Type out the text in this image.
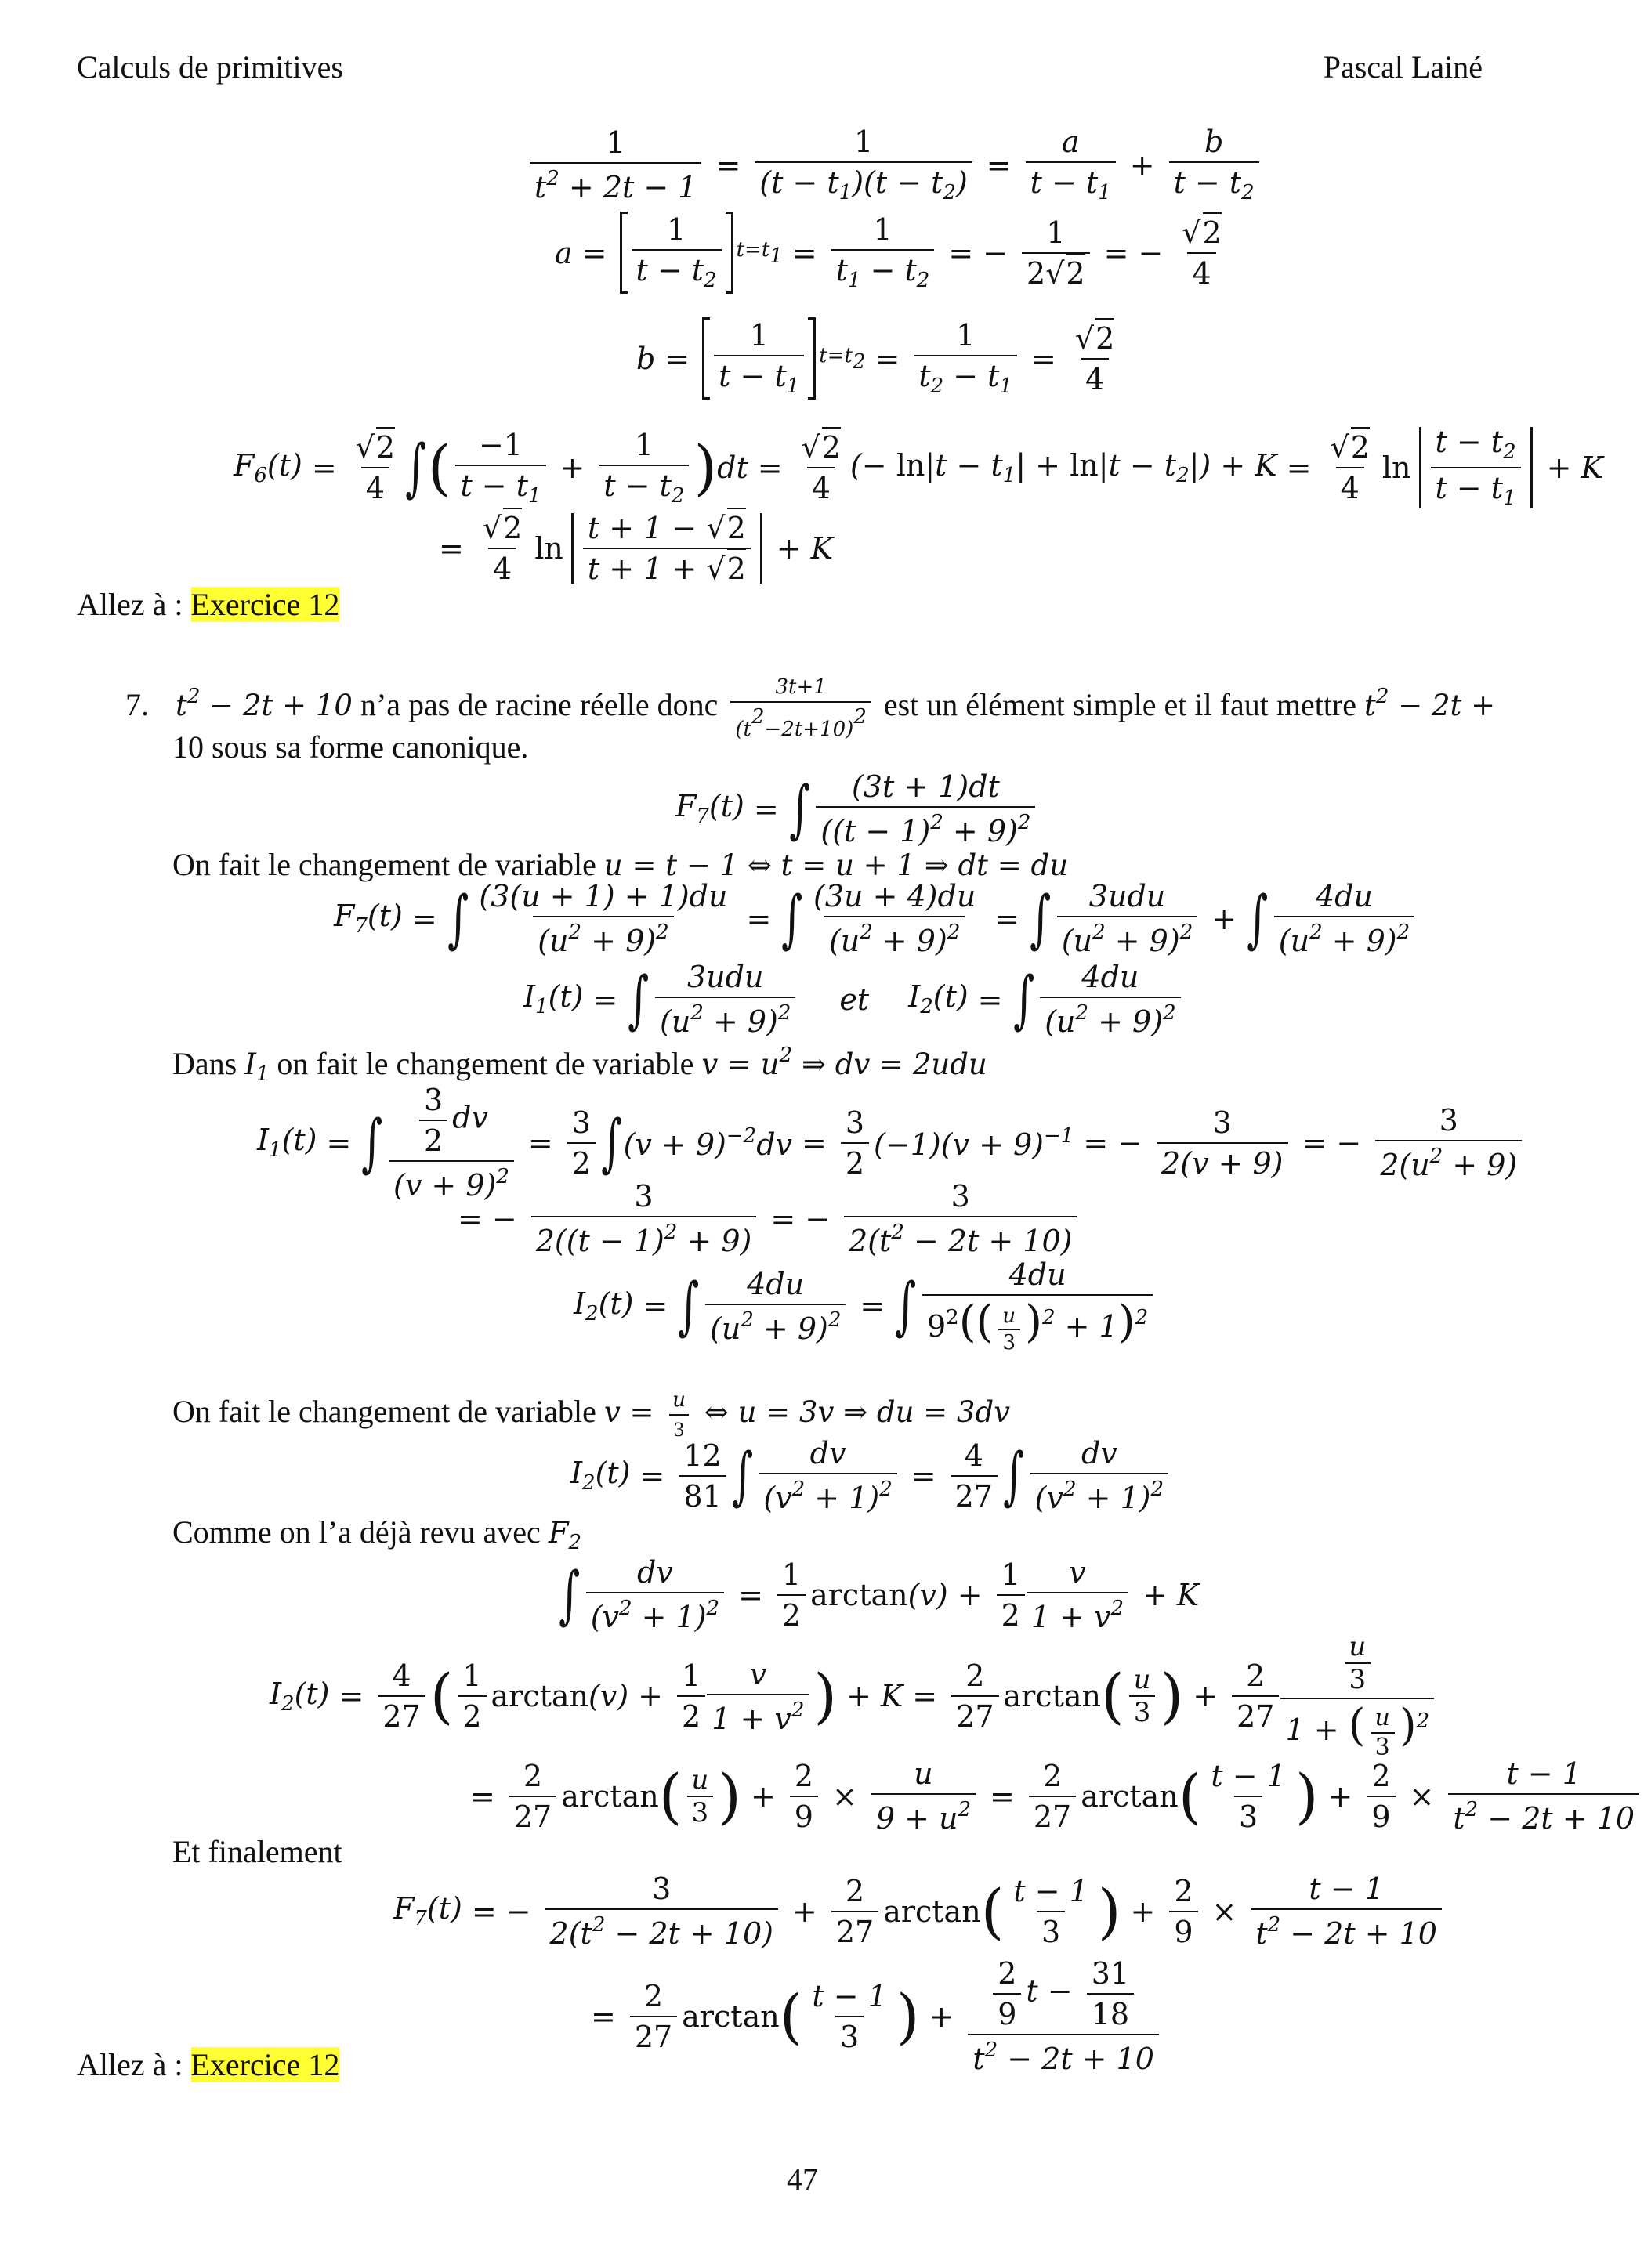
Calculs de primitives	Pascal Lainé
$\frac{1}{t^2 + 2t - 1} = \frac{1}{(t - t_1)(t - t_2)} = \frac{a}{t - t_1} + \frac{b}{t - t_2}$
$a = \frac{1}{t - t_2} t=t_1 = \frac{1}{t_1 - t_2}$ = − $\frac{1}{2√2}$ = − $\frac{√2}{4}$
$b = \frac{1}{t - t_1} t=t_2 = \frac{1}{t_2 - t_1} = \frac{√2}{4}$
$F_6(t) = \frac{√2}{4}$ ∫ ( $\frac{-1}{t - t_1} + \frac{1}{t - t_2}$ ) dt = $\frac{√2}{4}$ (− $\ln|t - t_1| + \ln|t - t_2|) + K = \frac{√2}{4}$ $\ln \frac{t - t_2}{t - t_1} + K$
= $\frac{√2}{4}$ $\ln \frac{t + 1 - √2}{t + 1 + √2} + K$
Allez à : Exercice 12
7. $t^2 - 2t + 10$ n’a pas de racine réelle donc $\frac{3t+1}{(t^2-2t+10)^2}$ est un élément simple et il faut mettre $t^2 - 2t$ +
10 sous sa forme canonique.
$F_7(t)$ = ∫ $\frac{(3t + 1)dt}{((t - 1)^2 + 9)^2}$
On fait le changement de variable u = t − 1 ⇔ t = u + 1 ⇒ dt = du
$F_7(t)$ = ∫ $\frac{(3(u + 1) + 1)du}{(u^2 + 9)^2}$ = ∫ $\frac{(3u + 4)du}{(u^2 + 9)^2}$ = ∫ $\frac{\text{3udu}}{(u^2 + 9)^2}$ + ∫ $\frac{4du}{(u^2 + 9)^2}$
$I_1(t)$ = ∫ $\frac{\text{3udu}}{(u^2 + 9)^2}$ et $I_2(t)$ = ∫ $\frac{4du}{(u^2 + 9)^2}$
Dans $I_1$ on fait le changement de variable $v = u^2$ ⇒ dv = 2udu
$I_1(t)$ = ∫ $\frac{\frac{3}{2} dv}{(v + 9)^2} = \frac{3}{2}$ ∫ $(v + 9)^{-2}dv = \frac{3}{2} (-1)(v + 9)^{-1}$ = − $\frac{3}{2(v + 9)}$ = − $\frac{3}{2(u^2 + 9)}$
= − $\frac{3}{2((t - 1)^2 + 9)}$ = − $\frac{3}{2(t^2 - 2t + 10)}$
$I_2(t)$ = ∫ $\frac{4du}{(u^2 + 9)^2}$ = ∫ $\frac{4du}{9^2(( \frac{u}{3} )^2 + 1)^2}$
On fait le changement de variable $v = \frac{u}{3}$ ⇔ u = 3v ⇒ du = 3dv
$I_2(t) = \frac{12}{81}$ ∫ $\frac{dv}{(v^2 + 1)^2} = \frac{4}{27}$ ∫ $\frac{dv}{(v^2 + 1)^2}$
Comme on l’a déjà revu avec $F_2$
∫ $\frac{dv}{(v^2 + 1)^2} = \frac{1}{2} \arctan(v) + \frac{1}{2} \frac{v}{1 + v^2} + K$
$I_2(t) = \frac{4}{27}$ ( $\frac{1}{2} \arctan(v) + \frac{1}{2} \frac{v}{1 + v^2}$ ) + $K = \frac{2}{27}$ arctan ( $\frac{u}{3}$ ) + $\frac{2}{27} \frac{\frac{u}{3}}{1 + ( \frac{u}{3} )^2}$
= $\frac{2}{27}$ arctan ( $\frac{u}{3}$ ) + $\frac{2}{9} \times \frac{u}{9 + u^2} = \frac{2}{27}$ arctan ( $\frac{t - 1}{3}$ ) + $\frac{2}{9} \times \frac{t - 1}{t^2 - 2t + 10}$
Et finalement
$F_7(t)$ = − $\frac{3}{2(t^2 - 2t + 10)} + \frac{2}{27}$ arctan ( $\frac{t - 1}{3}$ ) + $\frac{2}{9} \times \frac{t - 1}{t^2 - 2t + 10}$
= $\frac{2}{27}$ arctan ( $\frac{t - 1}{3}$ ) + $\frac{\frac{2}{9} t - \frac{31}{18}}{t^2 - 2t + 10}$
Allez à : Exercice 12
47
